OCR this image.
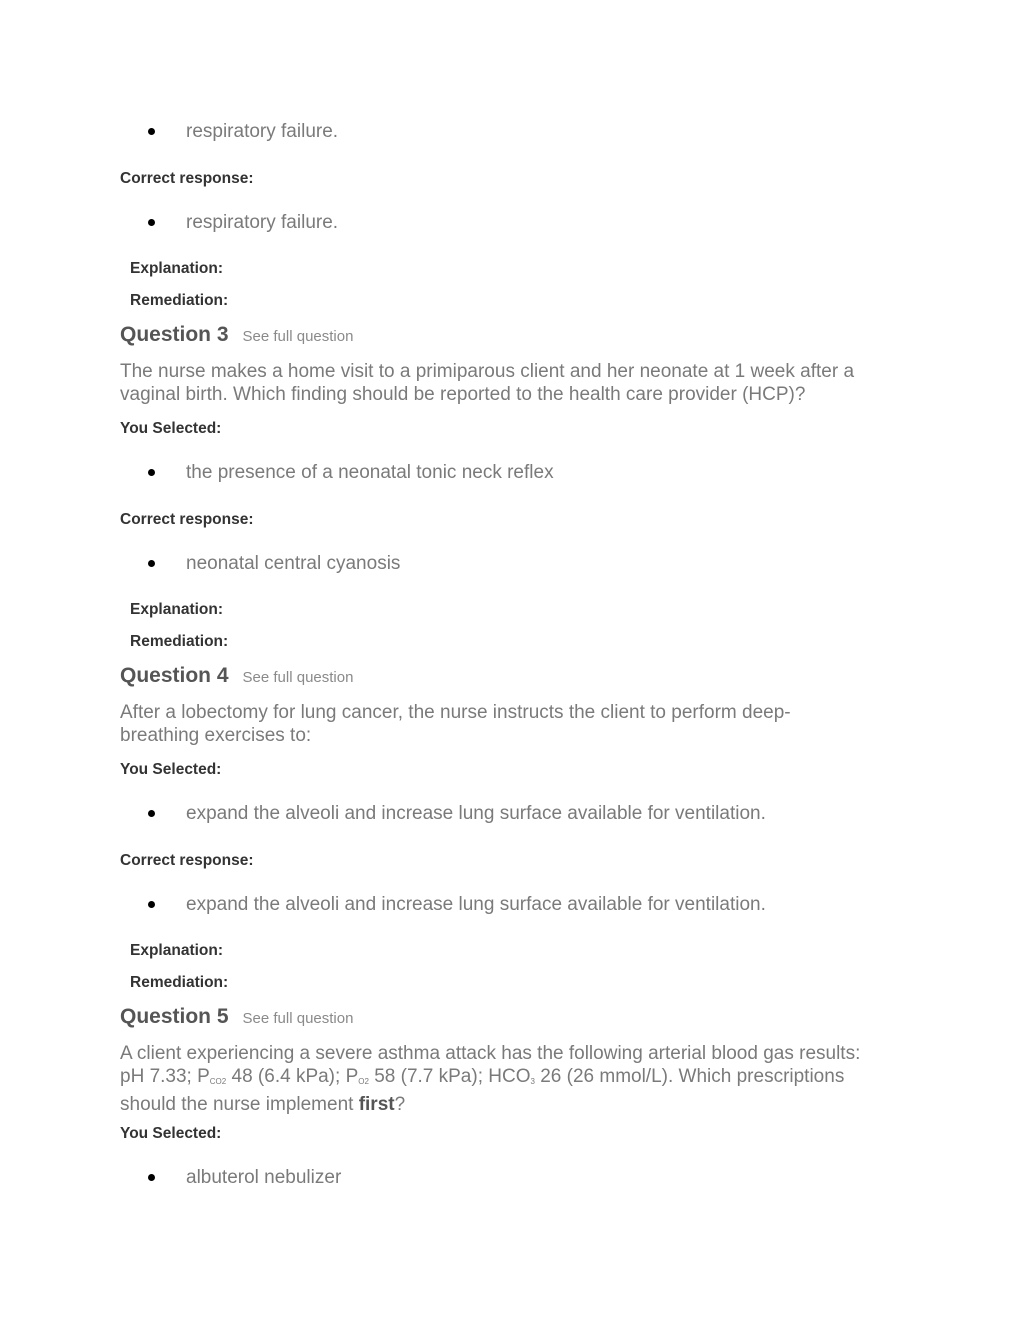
respiratory failure.
Correct response:
respiratory failure.
Explanation:
Remediation:
Question 3 See full question
The nurse makes a home visit to a primiparous client and her neonate at 1 week after a
vaginal birth. Which finding should be reported to the health care provider (HCP)?
You Selected:
the presence of a neonatal tonic neck reflex
Correct response:
neonatal central cyanosis
Explanation:
Remediation:
Question 4 See full question
After a lobectomy for lung cancer, the nurse instructs the client to perform deep-
breathing exercises to:
You Selected:
expand the alveoli and increase lung surface available for ventilation.
Correct response:
expand the alveoli and increase lung surface available for ventilation.
Explanation:
Remediation:
Question 5 See full question
A client experiencing a severe asthma attack has the following arterial blood gas results:
pH 7.33; $P_{CO2}$ 48 (6.4 kPa); $P_{O2}$ 58 (7.7 kPa); $HCO_3$ 26 (26 mmol/L). Which prescriptions
should the nurse implement first?
You Selected:
albuterol nebulizer
